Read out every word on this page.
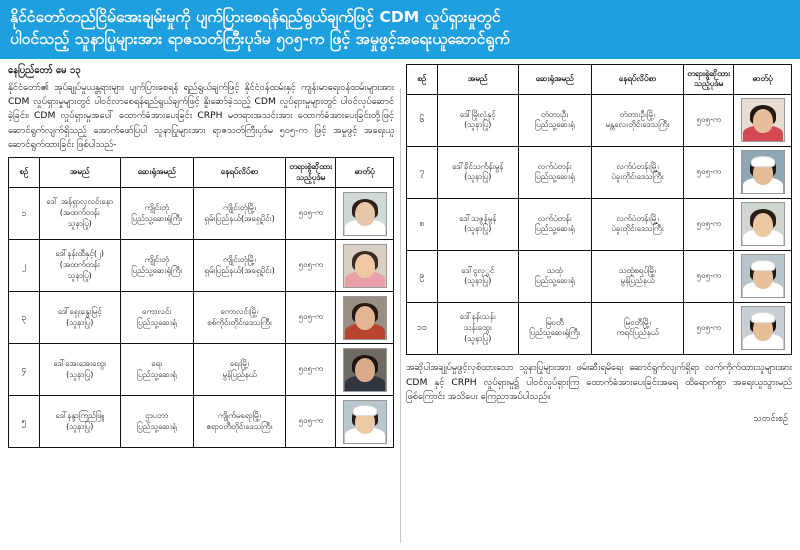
နိုင်ငံတော်တည်ငြိမ်အေးချမ်းမှုကို ပျက်ပြားစေရန်ရည်ရွယ်ချက်ဖြင့် CDM လှုပ်ရှားမှုတွင်
ပါဝင်သည့် သူနာပြုများအား ရာဇသတ်ကြီးပုဒ်မ ၅၀၅-က ဖြင့် အမှုဖွင့်အရေးယူဆောင်ရွက်
နေပြည်တော် မေ ၁၃
နိုင်ငံတော်၏ အုပ်ချုပ်မှုယန္တရားများ ပျက်ပြားစေရန် ရည်ရွယ်ချက်ဖြင့် နိုင်ငံဝန်ထမ်းနှင့် ကျန်းမာရေးဝန်ထမ်းများအား CDM လှုပ်ရှားမှုများတွင် ပါဝင်လာစေရန်ရည်ရွယ်ချက်ဖြင့် နှိုးဆော်ခဲ့သည့် CDM လှုပ်ရှားမှုများတွင် ပါဝင်လုပ်ဆောင်ခဲ့ခြင်း၊ CDM လှုပ်ရှားမှုအပေါ် ထောက်ခံအားပေးခြင်း CRPH မတရားအသင်းအား ထောက်ခံအားပေးခြင်းတို့ဖြင့် ဆောင်ရွက်လျက်ရှိသည့် အောက်ဖော်ပြပါ သူနာပြုများအား ရာဇသတ်ကြီးပုဒ်မ ၅၀၅-က ဖြင့် အမှုဖွင့် အရေးယူဆောင်ရွက်ထားခြင်း ဖြစ်ပါသည်-
စဉ်	အမည်	ဆေးရုံအမည်	နေရပ်လိပ်စာ	တရားစွဲဆိုထားသည့်ပုဒ်မ	ဓာတ်ပုံ
၁	ဒေါ် အန်ရှာလှလင်းနော
(အထက်တန်း
သူနာပြု)	ကျိုင်းတုံ
ပြည်သူ့ဆေးရုံကြီး	ကျိုင်းတုံမြို့၊
ရှမ်းပြည်နယ်(အရှေ့ပိုင်း)	၅၀၅-က	

၂	ဒေါ်နန်းထီနှင့်(၂)
(အထက်တန်း
သူနာပြု)	ကျိုင်းတုံ
ပြည်သူ့ဆေးရုံကြီး	ကျိုင်းတုံမြို့၊
ရှမ်းပြည်နယ်(အရှေ့ပိုင်း)	၅၀၅-က	

၃	ဒေါ်ရှေးနွေးမြင့်
(သူနာပြု)	ကောလင်း
ပြည်သူ့ဆေးရုံ	ကောလင်းမြို့၊
စစ်ကိုင်းတိုင်းဒေသကြီး	၅၀၅-က	

၄	ဒေါ်အေးအေးထွေး
(သူနာပြု)	ရေး
ပြည်သူ့ဆေးရုံ	ရေးမြို့၊
မွန်ပြည်နယ်	၅၀၅-က	

၅	ဒေါ်နန္ဒာကြည်ဖြူ
(သူနာပြု)	ဌာပဘာ
ပြည်သူ့ဆေးရုံ	ကျိုက်မရောမြို့၊
ဧရာဝတီတိုင်းဒေသကြီး	၅၀၅-က	
စဉ်	အမည်	ဆေးရုံအမည်	နေရပ်လိပ်စာ	တရားစွဲဆိုထားသည့်ပုဒ်မ	ဓာတ်ပုံ
၆	ဒေါ်မြိုးလုံနှင့်
(သူနာပြု)	တံတားဦး
ပြည်သူ့ဆေးရုံ	တံတားဦးမြို့၊
မန္တလေးတိုင်းဒေသကြီး	၅၀၅-က	

၇	ဒေါ်ခိုင်သင်္ကန်းမွန်
(သူနာပြု)	လက်ပံတန်း
ပြည်သူ့ဆေးရုံ	လက်ပံတန်းမြို့၊
ပဲခူးတိုင်းဒေသကြီး	၅၀၅-က	

၈	ဒေါ်သဇွန်မွန်
(သူနာပြု)	လက်ပံတန်း
ပြည်သူ့ဆေးရုံ	လက်ပံတန်းမြို့၊
ပဲခူးတိုင်းဒေသကြီး	၅၀၅-က	

၉	ဒေါ်ငွလှွင်
(သူနာပြု)	သထုံ
ပြည်သူ့ဆေးရုံ	သထုံစရပ်မြို့၊
မွန်ပြည်နယ်	၅၀၅-က	

၁၀	ဒေါ်နန်းသန်း
သန်းထွေး
(သူနာပြု)	မြဝတီ
ပြည်သူ့ဆေးရုံကြီး	မြဝတီမြို့၊
ကရင်ပြည်နယ်	၅၀၅-က	
အဆိုပါအချုပ်မှုဖွင့်လှစ်ထားသော သူနာပြုများအား ဖမ်းဆီးရမိရေး ဆောင်ရွက်လျက်ရှိရာ လက်ကိုက်ထားသူများအား CDM နှင့် CRPH လှုပ်ရှားမှု၌ ပါဝင်လှုပ်ရှားကြ ထောက်ခံအားပေးခြင်းအရေ ထိရောက်စွာ အရေးယူသွားမည်ဖြစ်ကြောင်း အသိပေး ကြေညာအပ်ပါသည်။
သတင်းစဉ်
